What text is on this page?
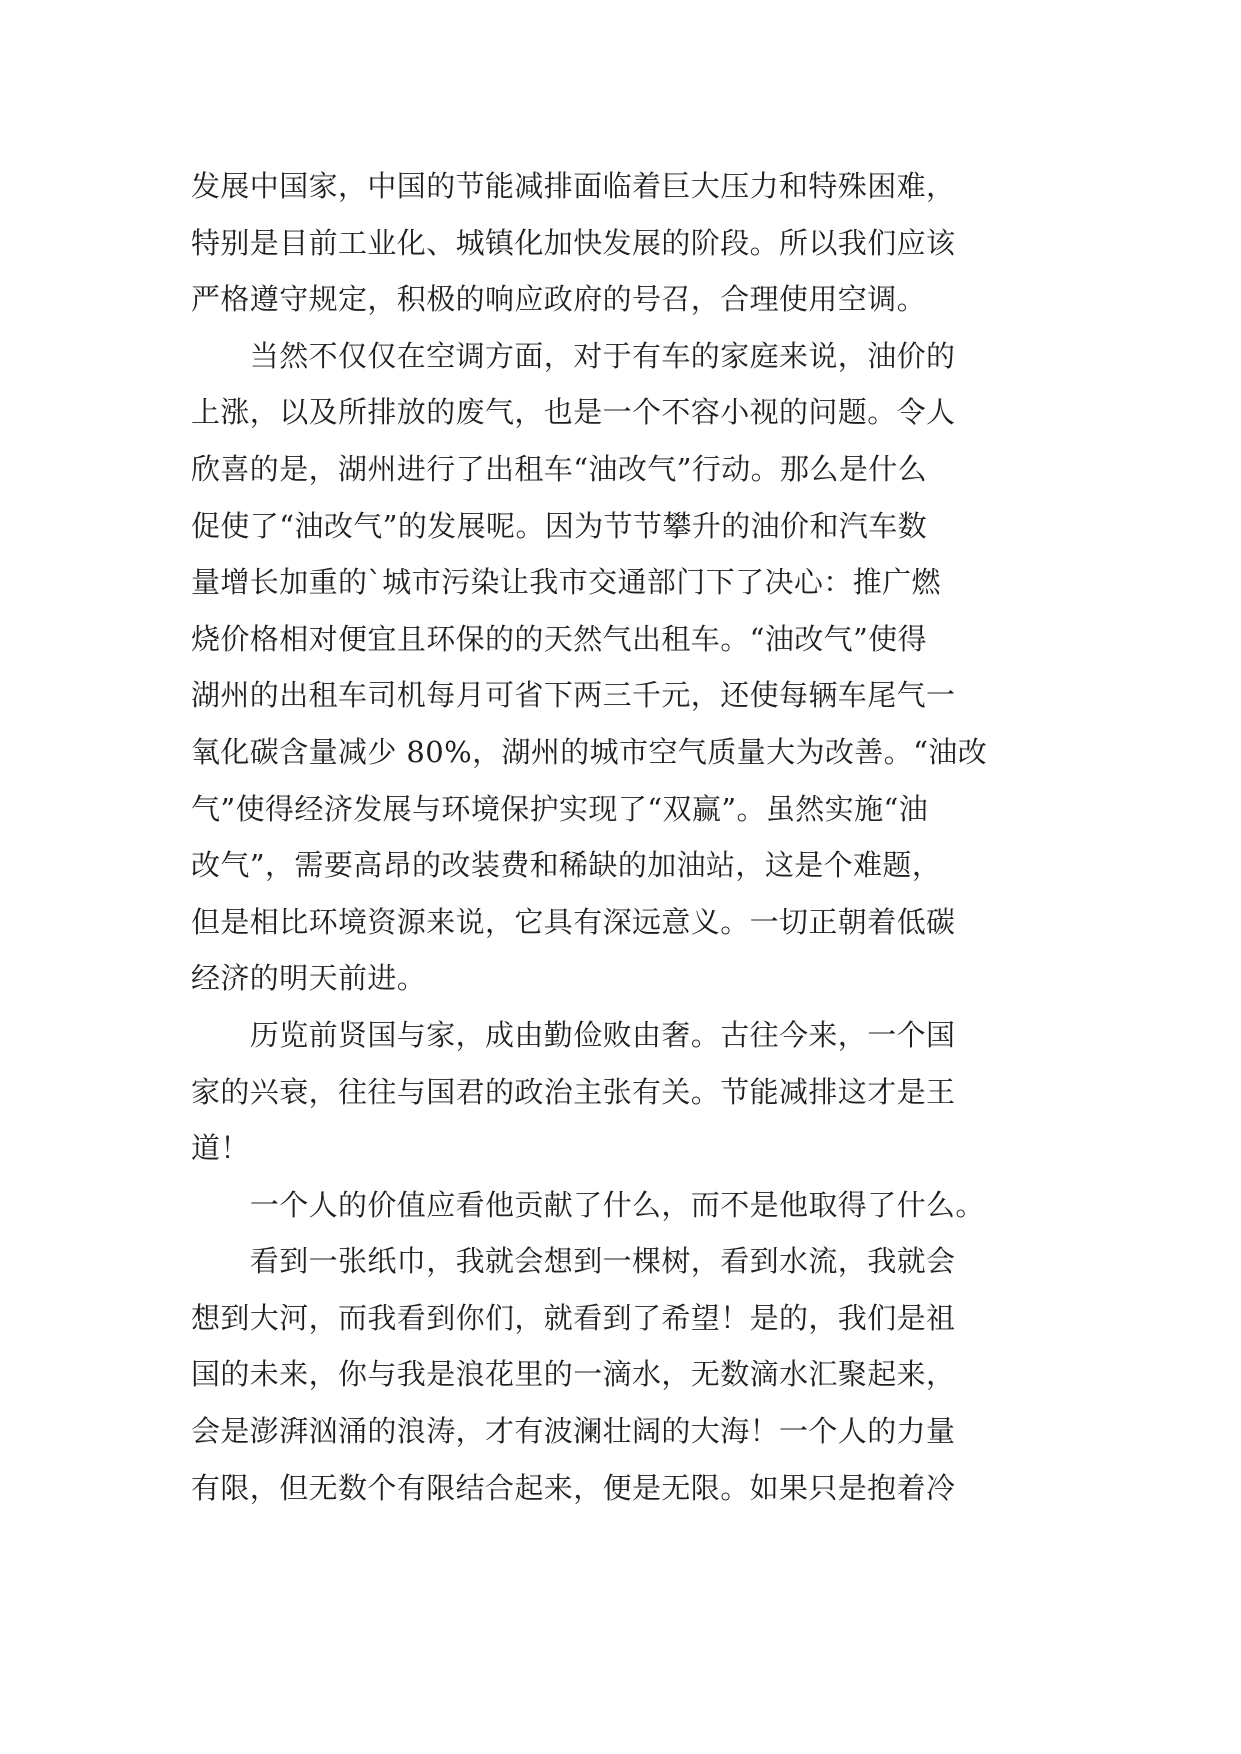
发展中国家，中国的节能减排面临着巨大压力和特殊困难，
特别是目前工业化、城镇化加快发展的阶段。所以我们应该
严格遵守规定，积极的响应政府的号召，合理使用空调。
　　当然不仅仅在空调方面，对于有车的家庭来说，油价的
上涨，以及所排放的废气，也是一个不容小视的问题。令人
欣喜的是，湖州进行了出租车“油改气”行动。那么是什么
促使了“油改气”的发展呢。因为节节攀升的油价和汽车数
量增长加重的`城市污染让我市交通部门下了决心：推广燃
烧价格相对便宜且环保的的天然气出租车。“油改气”使得
湖州的出租车司机每月可省下两三千元，还使每辆车尾气一
氧化碳含量减少 80%，湖州的城市空气质量大为改善。“油改
气”使得经济发展与环境保护实现了“双赢”。虽然实施“油
改气”，需要高昂的改装费和稀缺的加油站，这是个难题，
但是相比环境资源来说，它具有深远意义。一切正朝着低碳
经济的明天前进。
　　历览前贤国与家，成由勤俭败由奢。古往今来，一个国
家的兴衰，往往与国君的政治主张有关。节能减排这才是王
道！
　　一个人的价值应看他贡献了什么，而不是他取得了什么。
　　看到一张纸巾，我就会想到一棵树，看到水流，我就会
想到大河，而我看到你们，就看到了希望！是的，我们是祖
国的未来，你与我是浪花里的一滴水，无数滴水汇聚起来，
会是澎湃汹涌的浪涛，才有波澜壮阔的大海！一个人的力量
有限，但无数个有限结合起来，便是无限。如果只是抱着冷
